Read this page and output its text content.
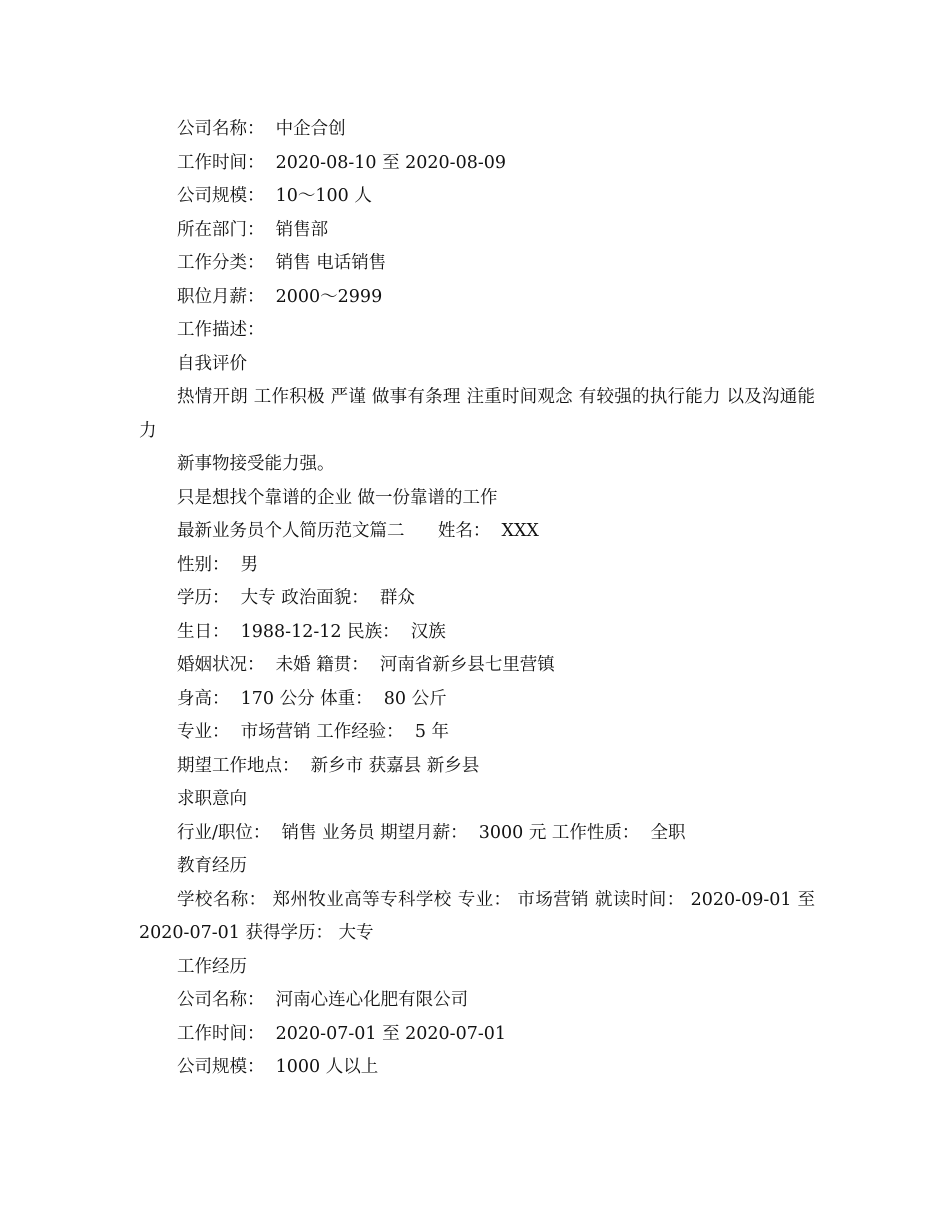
公司名称：  中企合创
工作时间：  2020-08-10 至 2020-08-09
公司规模：  10～100 人
所在部门：  销售部
工作分类：  销售 电话销售
职位月薪：  2000～2999
工作描述：
自我评价
热情开朗 工作积极 严谨 做事有条理 注重时间观念 有较强的执行能力 以及沟通能力
新事物接受能力强。
只是想找个靠谱的企业 做一份靠谱的工作
最新业务员个人简历范文篇二      姓名：  XXX
性别：  男
学历：  大专 政治面貌：  群众
生日：  1988-12-12 民族：  汉族
婚姻状况：  未婚 籍贯：  河南省新乡县七里营镇
身高：  170 公分 体重：  80 公斤
专业：  市场营销 工作经验：  5 年
期望工作地点：  新乡市 获嘉县 新乡县
求职意向
行业/职位：  销售 业务员 期望月薪：  3000 元 工作性质：  全职
教育经历
学校名称： 郑州牧业高等专科学校 专业： 市场营销 就读时间： 2020-09-01 至 2020-07-01 获得学历： 大专
工作经历
公司名称：  河南心连心化肥有限公司
工作时间：  2020-07-01 至 2020-07-01
公司规模：  1000 人以上
